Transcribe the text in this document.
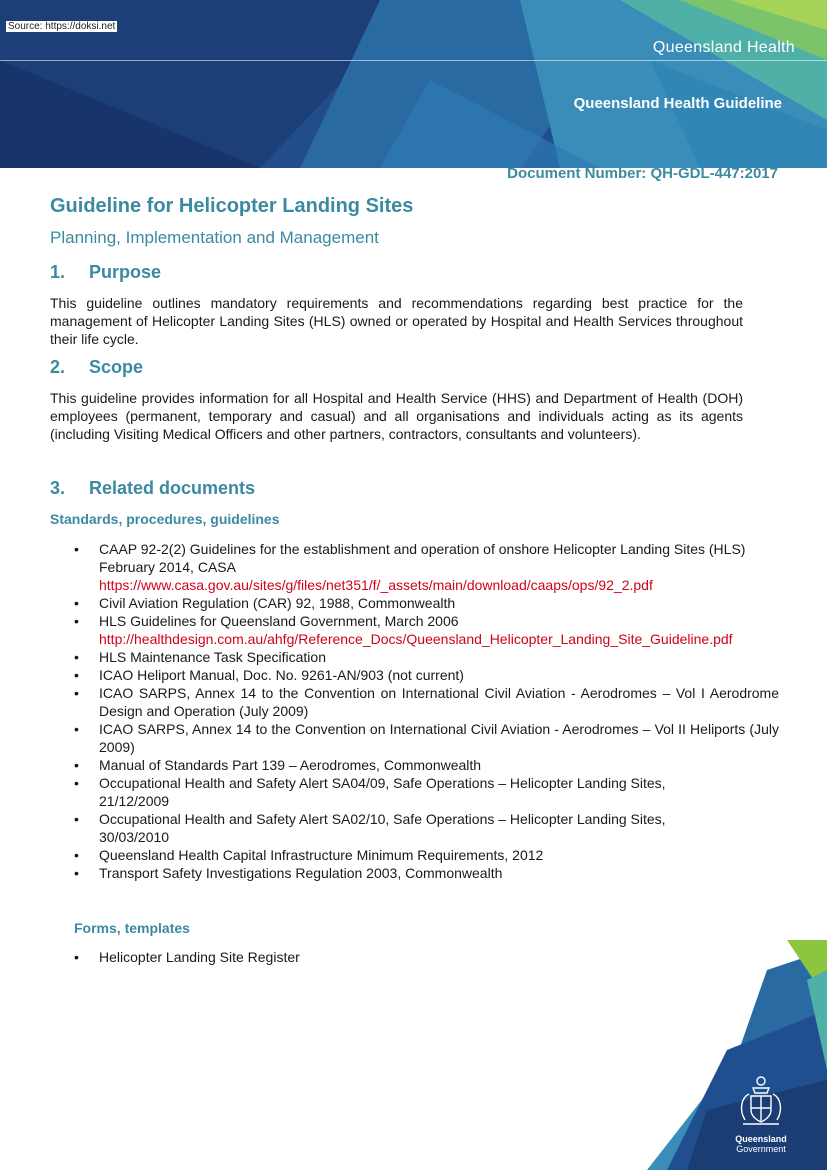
Queensland Health
Queensland Health Guideline
Source: https://doksi.net
Document Number: QH-GDL-447:2017
Guideline for Helicopter Landing Sites
Planning, Implementation and Management
1. Purpose
This guideline outlines mandatory requirements and recommendations regarding best practice for the management of Helicopter Landing Sites (HLS) owned or operated by Hospital and Health Services throughout their life cycle.
2. Scope
This guideline provides information for all Hospital and Health Service (HHS) and Department of Health (DOH) employees (permanent, temporary and casual) and all organisations and individuals acting as its agents (including Visiting Medical Officers and other partners, contractors, consultants and volunteers).
3. Related documents
Standards, procedures, guidelines
• CAAP 92-2(2) Guidelines for the establishment and operation of onshore Helicopter Landing Sites (HLS) February 2014, CASA
https://www.casa.gov.au/sites/g/files/net351/f/_assets/main/download/caaps/ops/92_2.pdf
• Civil Aviation Regulation (CAR) 92, 1988, Commonwealth
• HLS Guidelines for Queensland Government, March 2006
http://healthdesign.com.au/ahfg/Reference_Docs/Queensland_Helicopter_Landing_Site_Guideline.pdf
• HLS Maintenance Task Specification
• ICAO Heliport Manual, Doc. No. 9261-AN/903 (not current)
• ICAO SARPS, Annex 14 to the Convention on International Civil Aviation - Aerodromes – Vol I Aerodrome Design and Operation (July 2009)
• ICAO SARPS, Annex 14 to the Convention on International Civil Aviation - Aerodromes – Vol II Heliports (July 2009)
• Manual of Standards Part 139 – Aerodromes, Commonwealth
• Occupational Health and Safety Alert SA04/09, Safe Operations – Helicopter Landing Sites, 21/12/2009
• Occupational Health and Safety Alert SA02/10, Safe Operations – Helicopter Landing Sites, 30/03/2010
• Queensland Health Capital Infrastructure Minimum Requirements, 2012
• Transport Safety Investigations Regulation 2003, Commonwealth
Forms, templates
• Helicopter Landing Site Register
Queensland
Government
